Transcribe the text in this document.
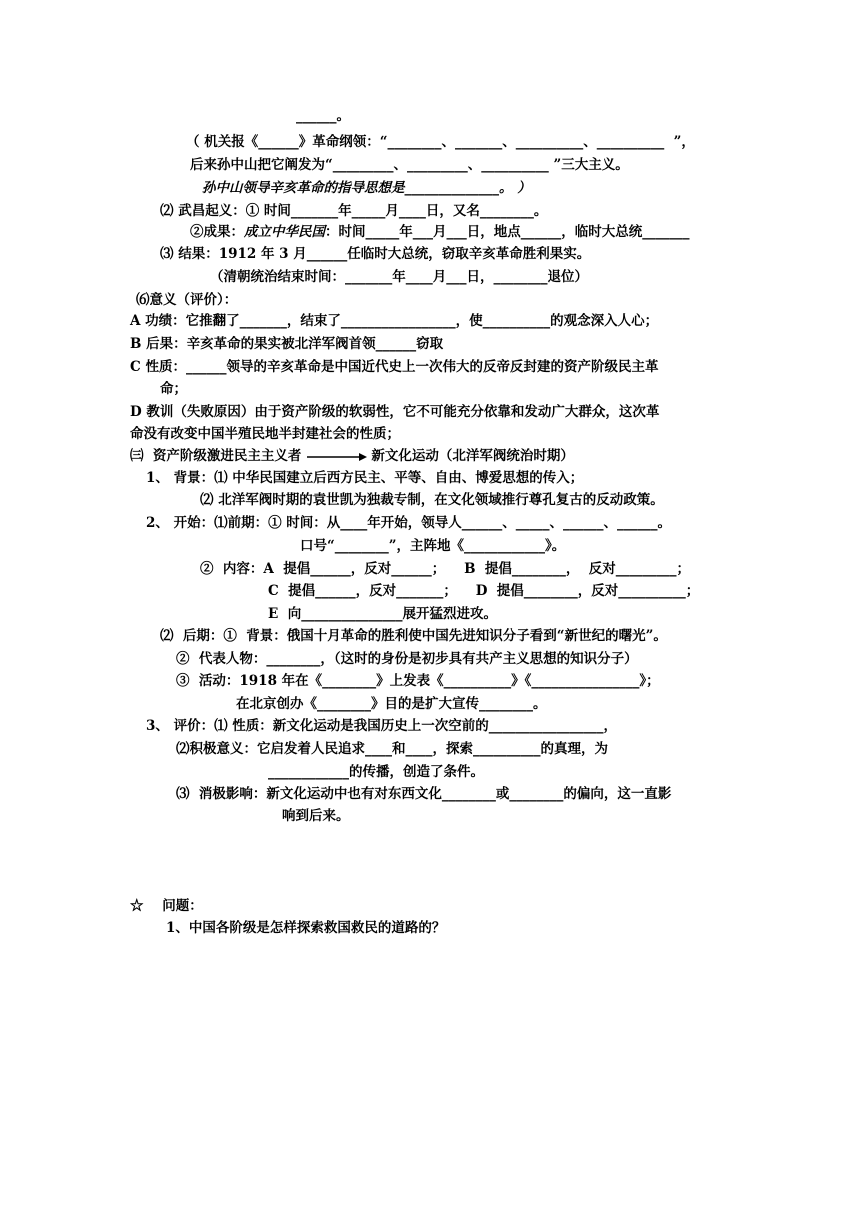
______。
（ 机关报《______》革命纲领：“________、_______、__________、__________  ”，
后来孙中山把它阐发为“_________、_________、__________ ”三大主义。
孙中山领导辛亥革命的指导思想是______________。 ）
⑵ 武昌起义：① 时间_______年_____月____日，又名________。
②成果：成立中华民国：时间_____年___月___日，地点______，临时大总统_______
⑶ 结果：1912 年 3 月______任临时大总统，窃取辛亥革命胜利果实。
（清朝统治结束时间：_______年____月___日，________退位）
⑹意义（评价）：
A 功绩：它推翻了_______，结束了_________________，使__________的观念深入人心；
B 后果：辛亥革命的果实被北洋军阀首领______窃取
C 性质：______领导的辛亥革命是中国近代史上一次伟大的反帝反封建的资产阶级民主革
命；
D 教训（失败原因）由于资产阶级的软弱性，它不可能充分依靠和发动广大群众，这次革
命没有改变中国半殖民地半封建社会的性质；
㈢  资产阶级激进民主主义者	新文化运动（北洋军阀统治时期）
1、 背景：⑴ 中华民国建立后西方民主、平等、自由、博爱思想的传入；
⑵ 北洋军阀时期的袁世凯为独裁专制，在文化领域推行尊孔复古的反动政策。
2、 开始：⑴前期：① 时间：从____年开始，领导人______、_____、______、______。
口号“________”，主阵地《____________》。
②  内容：A  提倡______，反对______；    B  提倡________，  反对_________；
C  提倡______，反对_______；    D  提倡________，反对__________；
E  向_______________展开猛烈进攻。
⑵  后期：①  背景：俄国十月革命的胜利使中国先进知识分子看到“新世纪的曙光”。
②  代表人物：________，（这时的身份是初步具有共产主义思想的知识分子）
③  活动：1918 年在《________》上发表《__________》《________________》；
在北京创办《________》目的是扩大宣传________。
3、 评价：⑴ 性质：新文化运动是我国历史上一次空前的_________________，
⑵积极意义：它启发着人民追求____和____，探索__________的真理，为
____________的传播，创造了条件。
⑶  消极影响：新文化运动中也有对东西文化________或________的偏向，这一直影
响到后来。
☆    问题：
1、中国各阶级是怎样探索救国救民的道路的？
